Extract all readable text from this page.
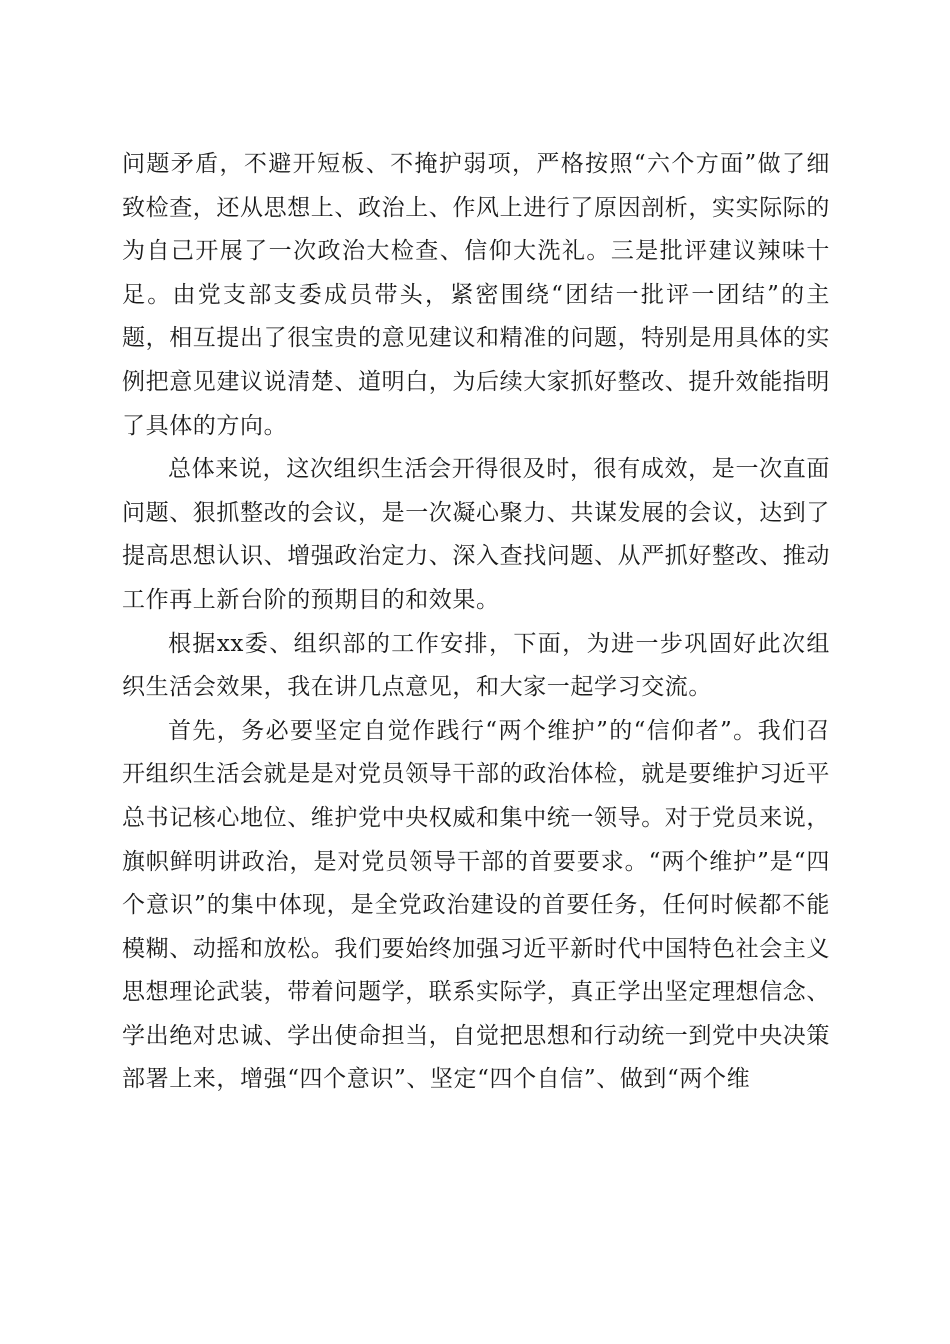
问题矛盾，不避开短板、不掩护弱项，严格按照“六个方面”做了细致检查，还从思想上、政治上、作风上进行了原因剖析，实实际际的为自己开展了一次政治大检查、信仰大洗礼。三是批评建议辣味十足。由党支部支委成员带头，紧密围绕“团结一批评一团结”的主题，相互提出了很宝贵的意见建议和精准的问题，特别是用具体的实例把意见建议说清楚、道明白，为后续大家抓好整改、提升效能指明了具体的方向。

总体来说，这次组织生活会开得很及时，很有成效，是一次直面问题、狠抓整改的会议，是一次凝心聚力、共谋发展的会议，达到了提高思想认识、增强政治定力、深入查找问题、从严抓好整改、推动工作再上新台阶的预期目的和效果。

根据xx委、组织部的工作安排，下面，为进一步巩固好此次组织生活会效果，我在讲几点意见，和大家一起学习交流。

首先，务必要坚定自觉作践行“两个维护”的“信仰者”。我们召开组织生活会就是是对党员领导干部的政治体检，就是要维护习近平总书记核心地位、维护党中央权威和集中统一领导。对于党员来说，旗帜鲜明讲政治，是对党员领导干部的首要要求。“两个维护”是“四个意识”的集中体现，是全党政治建设的首要任务，任何时候都不能模糊、动摇和放松。我们要始终加强习近平新时代中国特色社会主义思想理论武装，带着问题学，联系实际学，真正学出坚定理想信念、学出绝对忠诚、学出使命担当，自觉把思想和行动统一到党中央决策部署上来，增强“四个意识”、坚定“四个自信”、做到“两个维
